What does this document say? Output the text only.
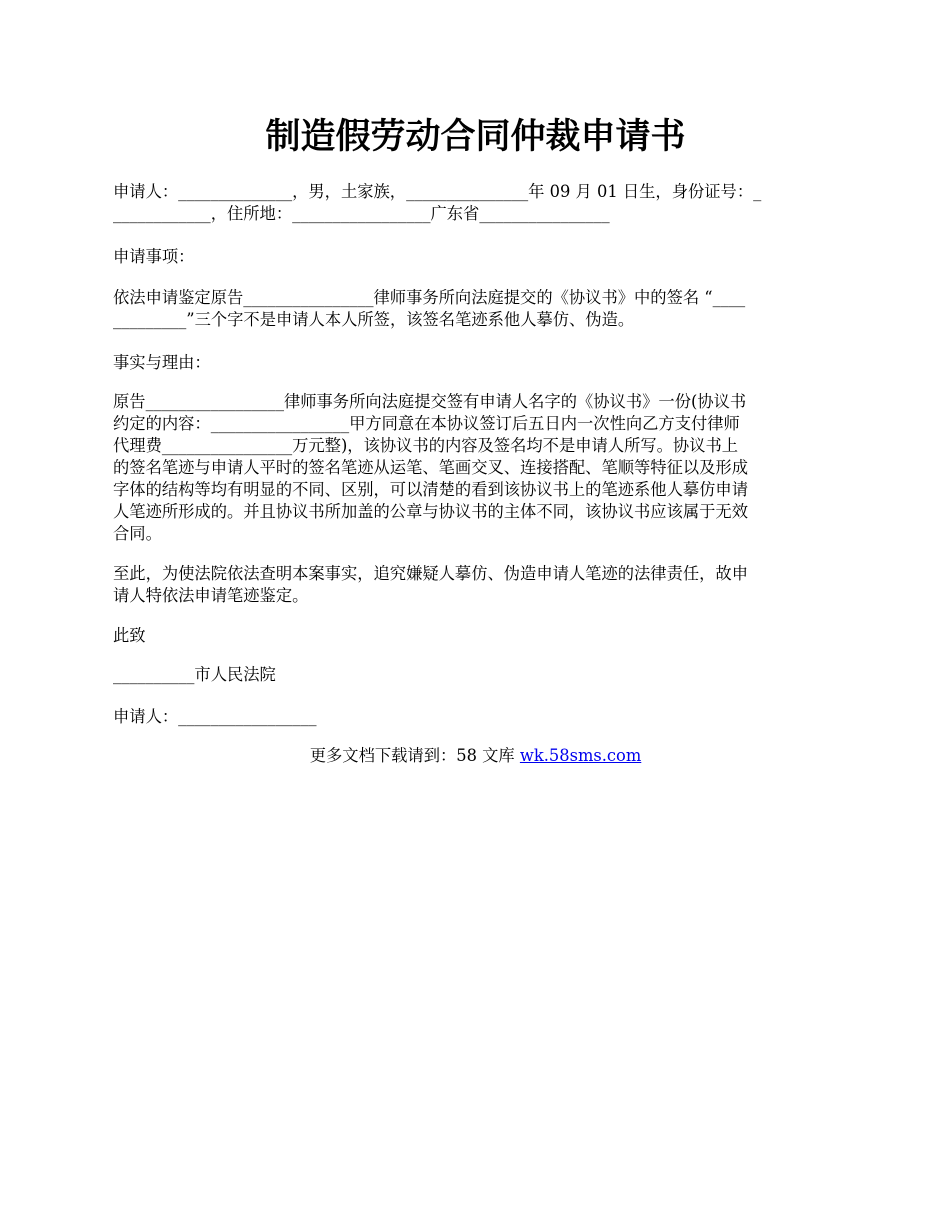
制造假劳动合同仲裁申请书
申请人：______________，男，土家族，_______________年 09 月 01 日生，身份证号：_
____________，住所地：_________________广东省________________
申请事项：
依法申请鉴定原告________________律师事务所向法庭提交的《协议书》中的签名 “____
_________”三个字不是申请人本人所签，该签名笔迹系他人摹仿、伪造。
事实与理由：
原告_________________律师事务所向法庭提交签有申请人名字的《协议书》一份(协议书
约定的内容：_________________甲方同意在本协议签订后五日内一次性向乙方支付律师
代理费________________万元整)，该协议书的内容及签名均不是申请人所写。协议书上
的签名笔迹与申请人平时的签名笔迹从运笔、笔画交叉、连接搭配、笔顺等特征以及形成
字体的结构等均有明显的不同、区别，可以清楚的看到该协议书上的笔迹系他人摹仿申请
人笔迹所形成的。并且协议书所加盖的公章与协议书的主体不同，该协议书应该属于无效
合同。
至此，为使法院依法查明本案事实，追究嫌疑人摹仿、伪造申请人笔迹的法律责任，故申
请人特依法申请笔迹鉴定。
此致
__________市人民法院
申请人：_________________
更多文档下载请到：58 文库 wk.58sms.com
